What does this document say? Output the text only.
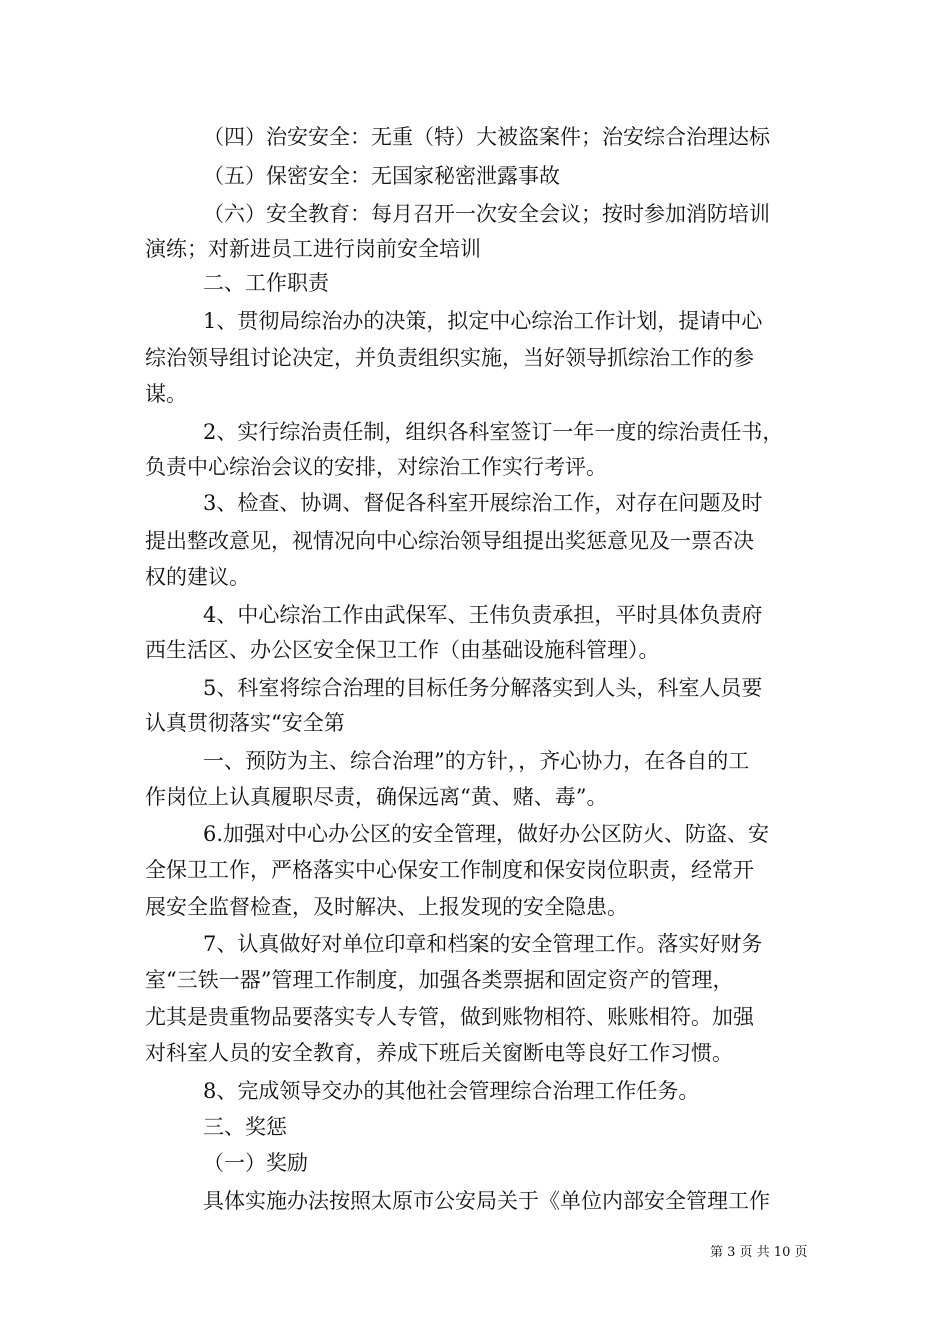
（四）治安安全：无重（特）大被盗案件；治安综合治理达标
（五）保密安全：无国家秘密泄露事故
（六）安全教育：每月召开一次安全会议；按时参加消防培训
演练；对新进员工进行岗前安全培训
二、工作职责
1、贯彻局综治办的决策，拟定中心综治工作计划，提请中心
综治领导组讨论决定，并负责组织实施，当好领导抓综治工作的参
谋。
2、实行综治责任制，组织各科室签订一年一度的综治责任书，
负责中心综治会议的安排，对综治工作实行考评。
3、检查、协调、督促各科室开展综治工作，对存在问题及时
提出整改意见，视情况向中心综治领导组提出奖惩意见及一票否决
权的建议。
4、中心综治工作由武保军、王伟负责承担，平时具体负责府
西生活区、办公区安全保卫工作（由基础设施科管理）。
5、科室将综合治理的目标任务分解落实到人头，科室人员要
认真贯彻落实“安全第
一、预防为主、综合治理”的方针，，齐心协力，在各自的工
作岗位上认真履职尽责，确保远离“黄、赌、毒”。
6.加强对中心办公区的安全管理，做好办公区防火、防盗、安
全保卫工作，严格落实中心保安工作制度和保安岗位职责，经常开
展安全监督检查，及时解决、上报发现的安全隐患。
7、认真做好对单位印章和档案的安全管理工作。落实好财务
室“三铁一器”管理工作制度，加强各类票据和固定资产的管理，
尤其是贵重物品要落实专人专管，做到账物相符、账账相符。加强
对科室人员的安全教育，养成下班后关窗断电等良好工作习惯。
8、完成领导交办的其他社会管理综合治理工作任务。
三、奖惩
（一）奖励
具体实施办法按照太原市公安局关于《单位内部安全管理工作
第 3 页 共 10 页
